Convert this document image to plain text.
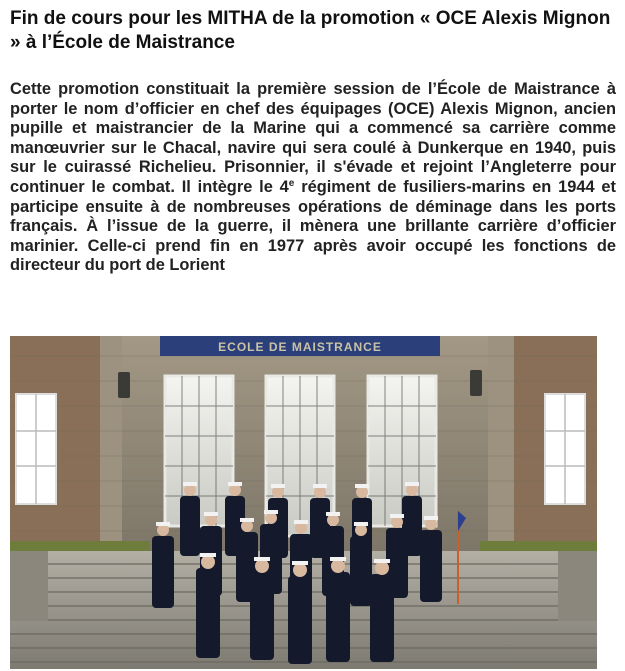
Fin de cours pour les MITHA de la promotion « OCE Alexis Mignon » à l’École de Maistrance
Cette promotion constituait la première session de l’École de Maistrance à porter le nom d’officier en chef des équipages (OCE) Alexis Mignon, ancien pupille et maistrancier de la Marine qui a commencé sa carrière comme manœuvrier sur le Chacal, navire qui sera coulé à Dunkerque en 1940, puis sur le cuirassé Richelieu. Prisonnier, il s'évade et rejoint l’Angleterre pour continuer le combat. Il intègre le 4e régiment de fusiliers-marins en 1944 et participe ensuite à de nombreuses opérations de déminage dans les ports français. À l’issue de la guerre, il mènera une brillante carrière d’officier marinier. Celle-ci prend fin en 1977 après avoir occupé les fonctions de directeur du port de Lorient
ECOLE DE MAISTRANCE
